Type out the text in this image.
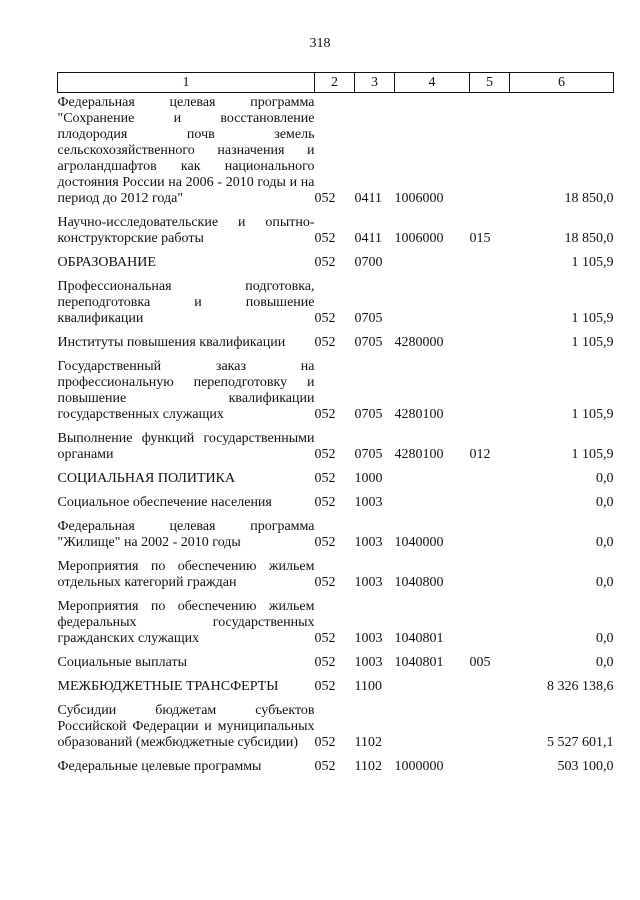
318
1	2	3	4	5	6
Федеральная целевая программа "Сохранение и восстановление плодородия почв земель сельскохозяйственного назначения и агроландшафтов как национального достояния России на 2006 - 2010 годы и на период до 2012 года"	052	0411	1006000		18 850,0
Научно-исследовательские и опытно-конструкторские работы	052	0411	1006000	015	18 850,0
ОБРАЗОВАНИЕ	052	0700			1 105,9
Профессиональная подготовка, переподготовка и повышение квалификации	052	0705			1 105,9
Институты повышения квалификации	052	0705	4280000		1 105,9
Государственный заказ на профессиональную переподготовку и повышение квалификации государственных служащих	052	0705	4280100		1 105,9
Выполнение функций государственными органами	052	0705	4280100	012	1 105,9
СОЦИАЛЬНАЯ ПОЛИТИКА	052	1000			0,0
Социальное обеспечение населения	052	1003			0,0
Федеральная целевая программа "Жилище" на 2002 - 2010 годы	052	1003	1040000		0,0
Мероприятия по обеспечению жильем отдельных категорий граждан	052	1003	1040800		0,0
Мероприятия по обеспечению жильем федеральных государственных гражданских служащих	052	1003	1040801		0,0
Социальные выплаты	052	1003	1040801	005	0,0
МЕЖБЮДЖЕТНЫЕ ТРАНСФЕРТЫ	052	1100			8 326 138,6
Субсидии бюджетам субъектов Российской Федерации и муниципальных образований (межбюджетные субсидии)	052	1102			5 527 601,1
Федеральные целевые программы	052	1102	1000000		503 100,0
